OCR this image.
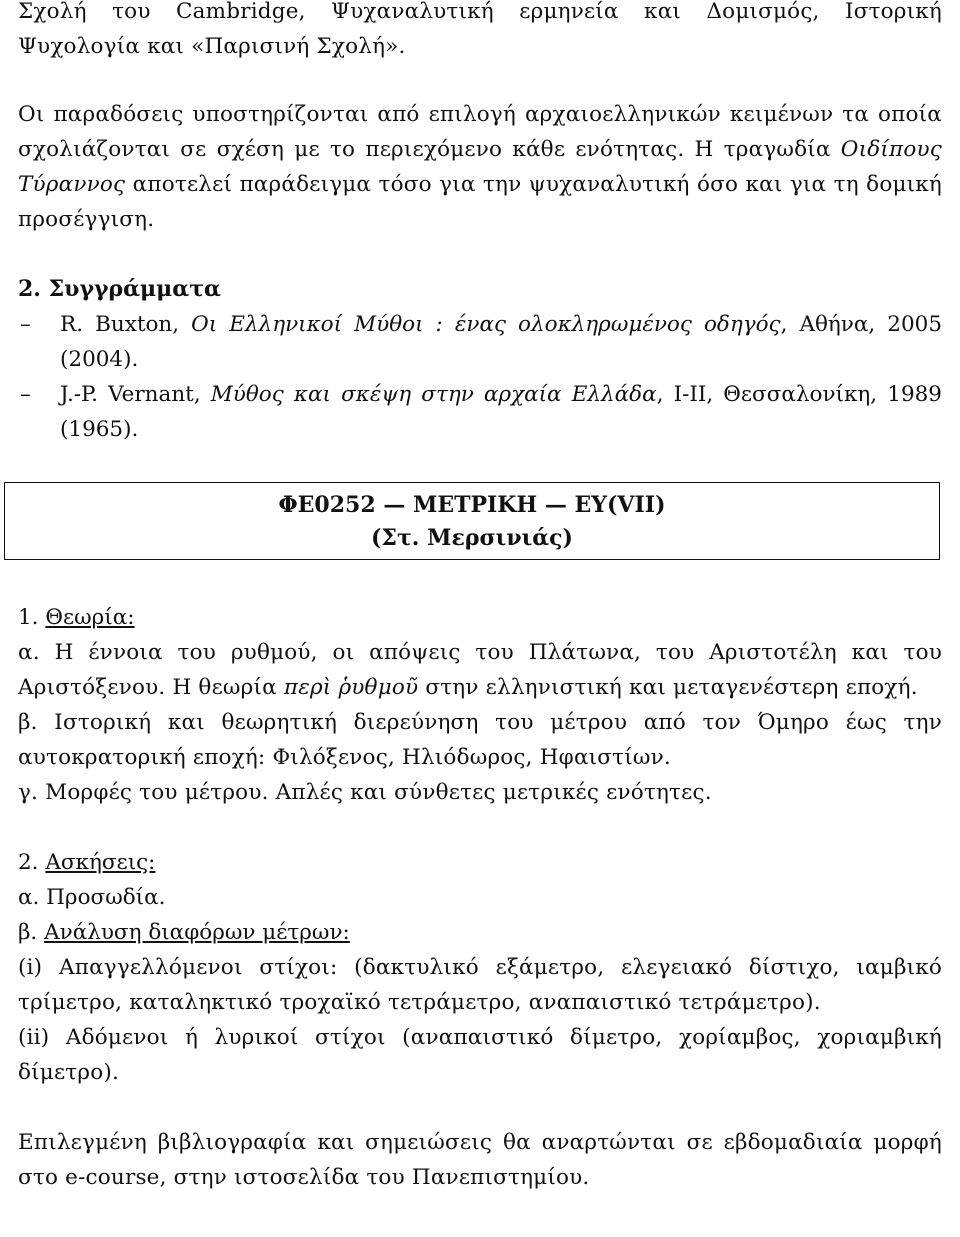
Σχολή του Cambridge, Ψυχαναλυτική ερμηνεία και Δομισμός, Ιστορική Ψυχολογία και «Παρισινή Σχολή».

Οι παραδόσεις υποστηρίζονται από επιλογή αρχαιοελληνικών κειμένων τα οποία σχολιάζονται σε σχέση με το περιεχόμενο κάθε ενότητας. Η τραγωδία Οιδίπους Τύραννος αποτελεί παράδειγμα τόσο για την ψυχαναλυτική όσο και για τη δομική προσέγγιση.

2. Συγγράμματα

–	R. Buxton, Οι Ελληνικοί Μύθοι : ένας ολοκληρωμένος οδηγός, Αθήνα, 2005 (2004).
–	J.-P. Vernant, Μύθος και σκέψη στην αρχαία Ελλάδα, I-II, Θεσσαλονίκη, 1989 (1965).

1. Θεωρία:

α. Η έννοια του ρυθμού, οι απόψεις του Πλάτωνα, του Αριστοτέλη και του Αριστόξενου. Η θεωρία περὶ ῥυθμοῦ στην ελληνιστική και μεταγενέστερη εποχή.

β. Ιστορική και θεωρητική διερεύνηση του μέτρου από τον Όμηρο έως την αυτοκρατορική εποχή: Φιλόξενος, Ηλιόδωρος, Ηφαιστίων.

γ. Μορφές του μέτρου. Απλές και σύνθετες μετρικές ενότητες.

2. Ασκήσεις:

α. Προσωδία.

β. Ανάλυση διαφόρων μέτρων:

(i) Απαγγελλόμενοι στίχοι: (δακτυλικό εξάμετρο, ελεγειακό δίστιχο, ιαμβικό τρίμετρο, καταληκτικό τροχαϊκό τετράμετρο, αναπαιστικό τετράμετρο).

(ii) Αδόμενοι ή λυρικοί στίχοι (αναπαιστικό δίμετρο, χορίαμβος, χοριαμβική δίμετρο).

Επιλεγμένη βιβλιογραφία και σημειώσεις θα αναρτώνται σε εβδομαδιαία μορφή στο e-course, στην ιστοσελίδα του Πανεπιστημίου.

ΦΕ0252 — ΜΕΤΡΙΚΗ — ΕΥ(VII)
(Στ. Μερσινιάς)
